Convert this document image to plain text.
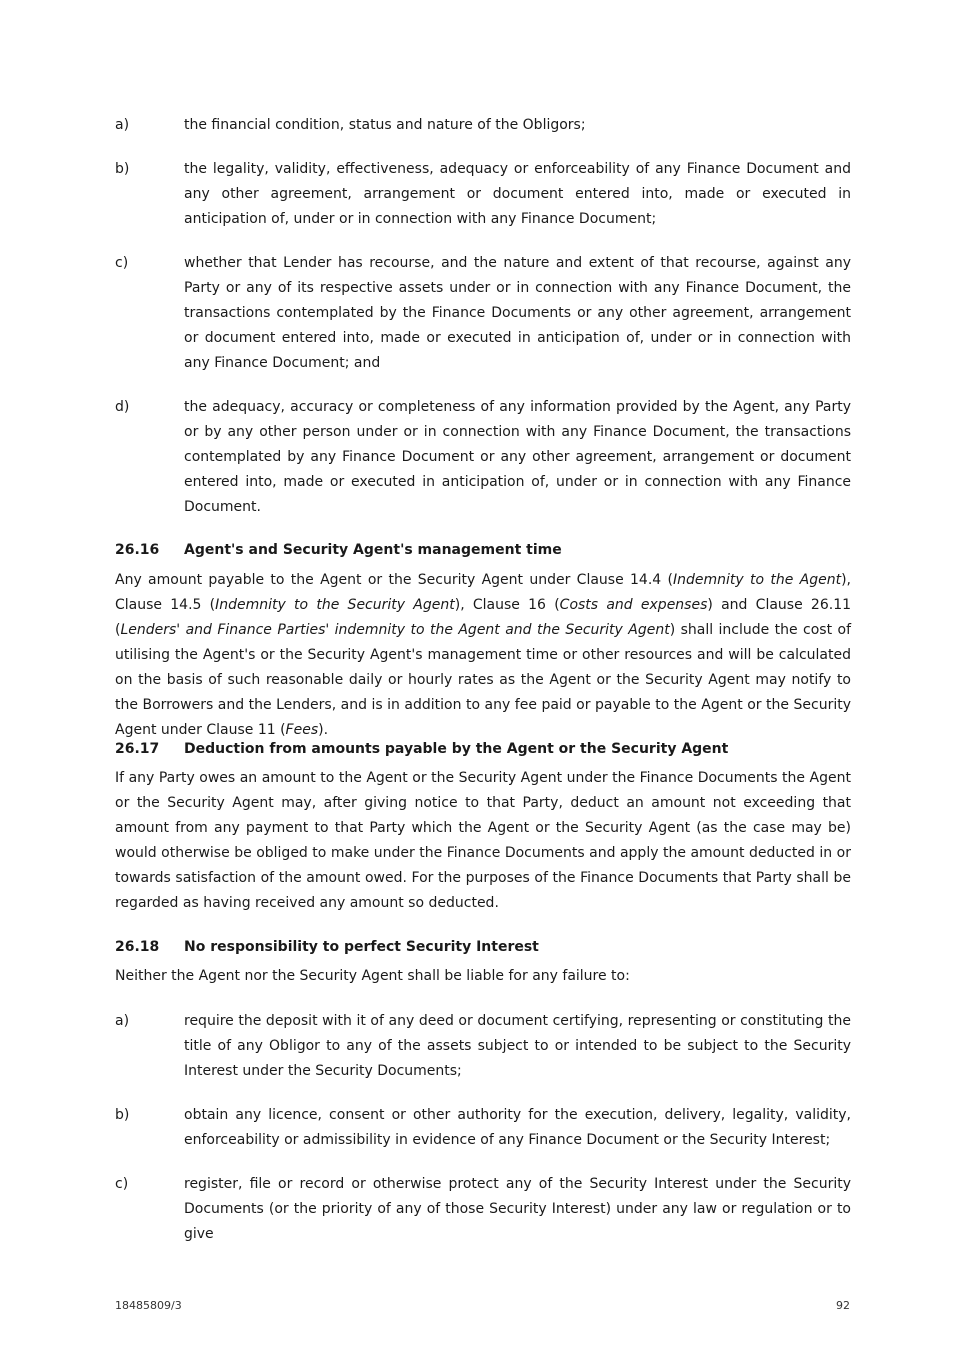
a)	the financial condition, status and nature of the Obligors;
b)	the legality, validity, effectiveness, adequacy or enforceability of any Finance Document and any other agreement, arrangement or document entered into, made or executed in anticipation of, under or in connection with any Finance Document;
c)	whether that Lender has recourse, and the nature and extent of that recourse, against any Party or any of its respective assets under or in connection with any Finance Document, the transactions contemplated by the Finance Documents or any other agreement, arrangement or document entered into, made or executed in anticipation of, under or in connection with any Finance Document; and
d)	the adequacy, accuracy or completeness of any information provided by the Agent, any Party or by any other person under or in connection with any Finance Document, the transactions contemplated by any Finance Document or any other agreement, arrangement or document entered into, made or executed in anticipation of, under or in connection with any Finance Document.
26.16 Agent's and Security Agent's management time
Any amount payable to the Agent or the Security Agent under Clause 14.4 (Indemnity to the Agent), Clause 14.5 (Indemnity to the Security Agent), Clause 16 (Costs and expenses) and Clause 26.11 (Lenders' and Finance Parties' indemnity to the Agent and the Security Agent) shall include the cost of utilising the Agent's or the Security Agent's management time or other resources and will be calculated on the basis of such reasonable daily or hourly rates as the Agent or the Security Agent may notify to the Borrowers and the Lenders, and is in addition to any fee paid or payable to the Agent or the Security Agent under Clause 11 (Fees).
26.17 Deduction from amounts payable by the Agent or the Security Agent
If any Party owes an amount to the Agent or the Security Agent under the Finance Documents the Agent or the Security Agent may, after giving notice to that Party, deduct an amount not exceeding that amount from any payment to that Party which the Agent or the Security Agent (as the case may be) would otherwise be obliged to make under the Finance Documents and apply the amount deducted in or towards satisfaction of the amount owed. For the purposes of the Finance Documents that Party shall be regarded as having received any amount so deducted.
26.18 No responsibility to perfect Security Interest
Neither the Agent nor the Security Agent shall be liable for any failure to:
a)	require the deposit with it of any deed or document certifying, representing or constituting the title of any Obligor to any of the assets subject to or intended to be subject to the Security Interest under the Security Documents;
b)	obtain any licence, consent or other authority for the execution, delivery, legality, validity, enforceability or admissibility in evidence of any Finance Document or the Security Interest;
c)	register, file or record or otherwise protect any of the Security Interest under the Security Documents (or the priority of any of those Security Interest) under any law or regulation or to give
18485809/3	92
